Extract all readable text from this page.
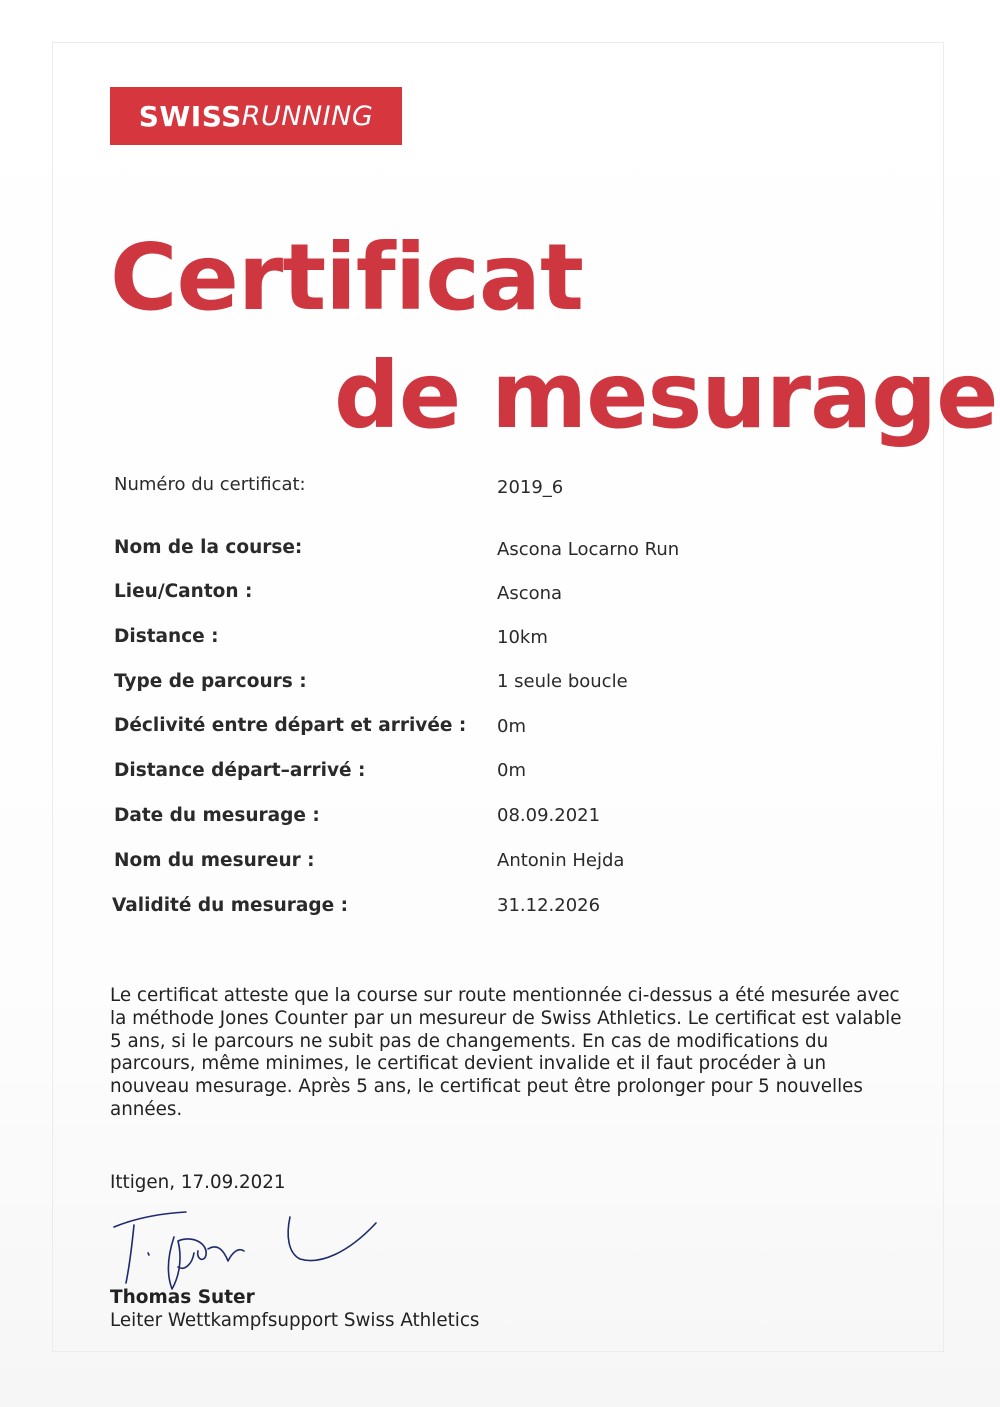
SWISS RUNNING
Certificat
de mesurage
Numéro du certificat:	2019_6
Nom de la course:	Ascona Locarno Run
Lieu/Canton :	Ascona
Distance :	10km
Type de parcours :	1 seule boucle
Déclivité entre départ et arrivée : 0m
Distance départ–arrivé :	0m
Date du mesurage :	08.09.2021
Nom du mesureur :	Antonin Hejda
Validité du mesurage :	31.12.2026
Le certificat atteste que la course sur route mentionnée ci-dessus a été mesurée avec la méthode Jones Counter par un mesureur de Swiss Athletics. Le certificat est valable 5 ans, si le parcours ne subit pas de changements. En cas de modifications du parcours, même minimes, le certificat devient invalide et il faut procéder à un nouveau mesurage. Après 5 ans, le certificat peut être prolonger pour 5 nouvelles années.
Ittigen, 17.09.2021
Thomas Suter
Leiter Wettkampfsupport Swiss Athletics
